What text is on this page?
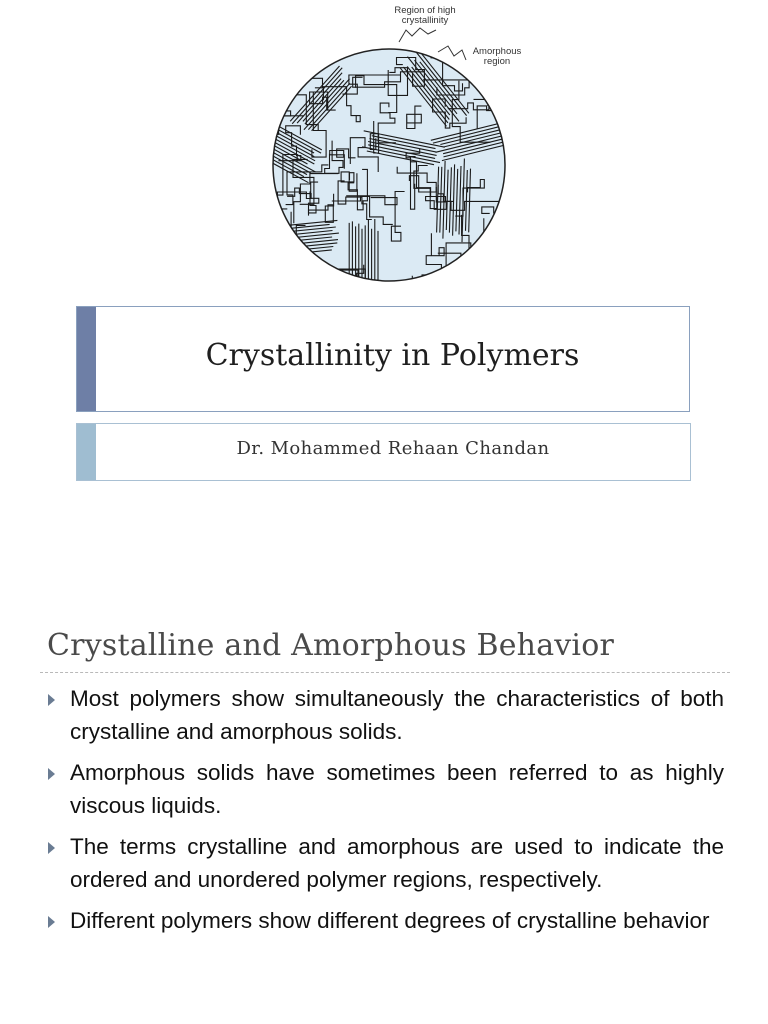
Region of high crystallinity
Amorphous region
Crystallinity in Polymers
Dr. Mohammed Rehaan Chandan
Crystalline and Amorphous Behavior
Most polymers show simultaneously the characteristics of both crystalline and amorphous solids.
Amorphous solids have sometimes been referred to as highly viscous liquids.
The terms crystalline and amorphous are used to indicate the ordered and unordered polymer regions, respectively.
Different polymers show different degrees of crystalline behavior
